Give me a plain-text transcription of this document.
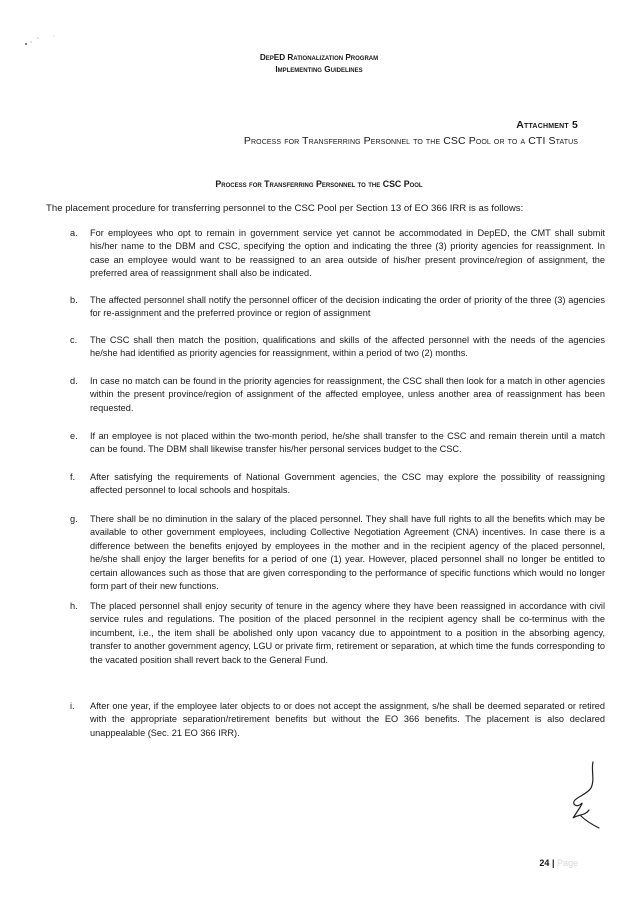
DepED Rationalization Program
Implementing Guidelines
Attachment 5
Process for Transferring Personnel to the CSC Pool or to a CTI Status
Process for Transferring Personnel to the CSC Pool
The placement procedure for transferring personnel to the CSC Pool per Section 13 of EO 366 IRR is as follows:
a.	For employees who opt to remain in government service yet cannot be accommodated in DepED, the CMT shall submit his/her name to the DBM and CSC, specifying the option and indicating the three (3) priority agencies for reassignment. In case an employee would want to be reassigned to an area outside of his/her present province/region of assignment, the preferred area of reassignment shall also be indicated.
b.	The affected personnel shall notify the personnel officer of the decision indicating the order of priority of the three (3) agencies for re-assignment and the preferred province or region of assignment
c.	The CSC shall then match the position, qualifications and skills of the affected personnel with the needs of the agencies he/she had identified as priority agencies for reassignment, within a period of two (2) months.
d.	In case no match can be found in the priority agencies for reassignment, the CSC shall then look for a match in other agencies within the present province/region of assignment of the affected employee, unless another area of reassignment has been requested.
e.	If an employee is not placed within the two-month period, he/she shall transfer to the CSC and remain therein until a match can be found. The DBM shall likewise transfer his/her personal services budget to the CSC.
f.	After satisfying the requirements of National Government agencies, the CSC may explore the possibility of reassigning affected personnel to local schools and hospitals.
g.	There shall be no diminution in the salary of the placed personnel. They shall have full rights to all the benefits which may be available to other government employees, including Collective Negotiation Agreement (CNA) incentives. In case there is a difference between the benefits enjoyed by employees in the mother and in the recipient agency of the placed personnel, he/she shall enjoy the larger benefits for a period of one (1) year. However, placed personnel shall no longer be entitled to certain allowances such as those that are given corresponding to the performance of specific functions which would no longer form part of their new functions.
h.	The placed personnel shall enjoy security of tenure in the agency where they have been reassigned in accordance with civil service rules and regulations. The position of the placed personnel in the recipient agency shall be co-terminus with the incumbent, i.e., the item shall be abolished only upon vacancy due to appointment to a position in the absorbing agency, transfer to another government agency, LGU or private firm, retirement or separation, at which time the funds corresponding to the vacated position shall revert back to the General Fund.
i.	After one year, if the employee later objects to or does not accept the assignment, s/he shall be deemed separated or retired with the appropriate separation/retirement benefits but without the EO 366 benefits. The placement is also declared unappealable (Sec. 21 EO 366 IRR).
24 | Page
